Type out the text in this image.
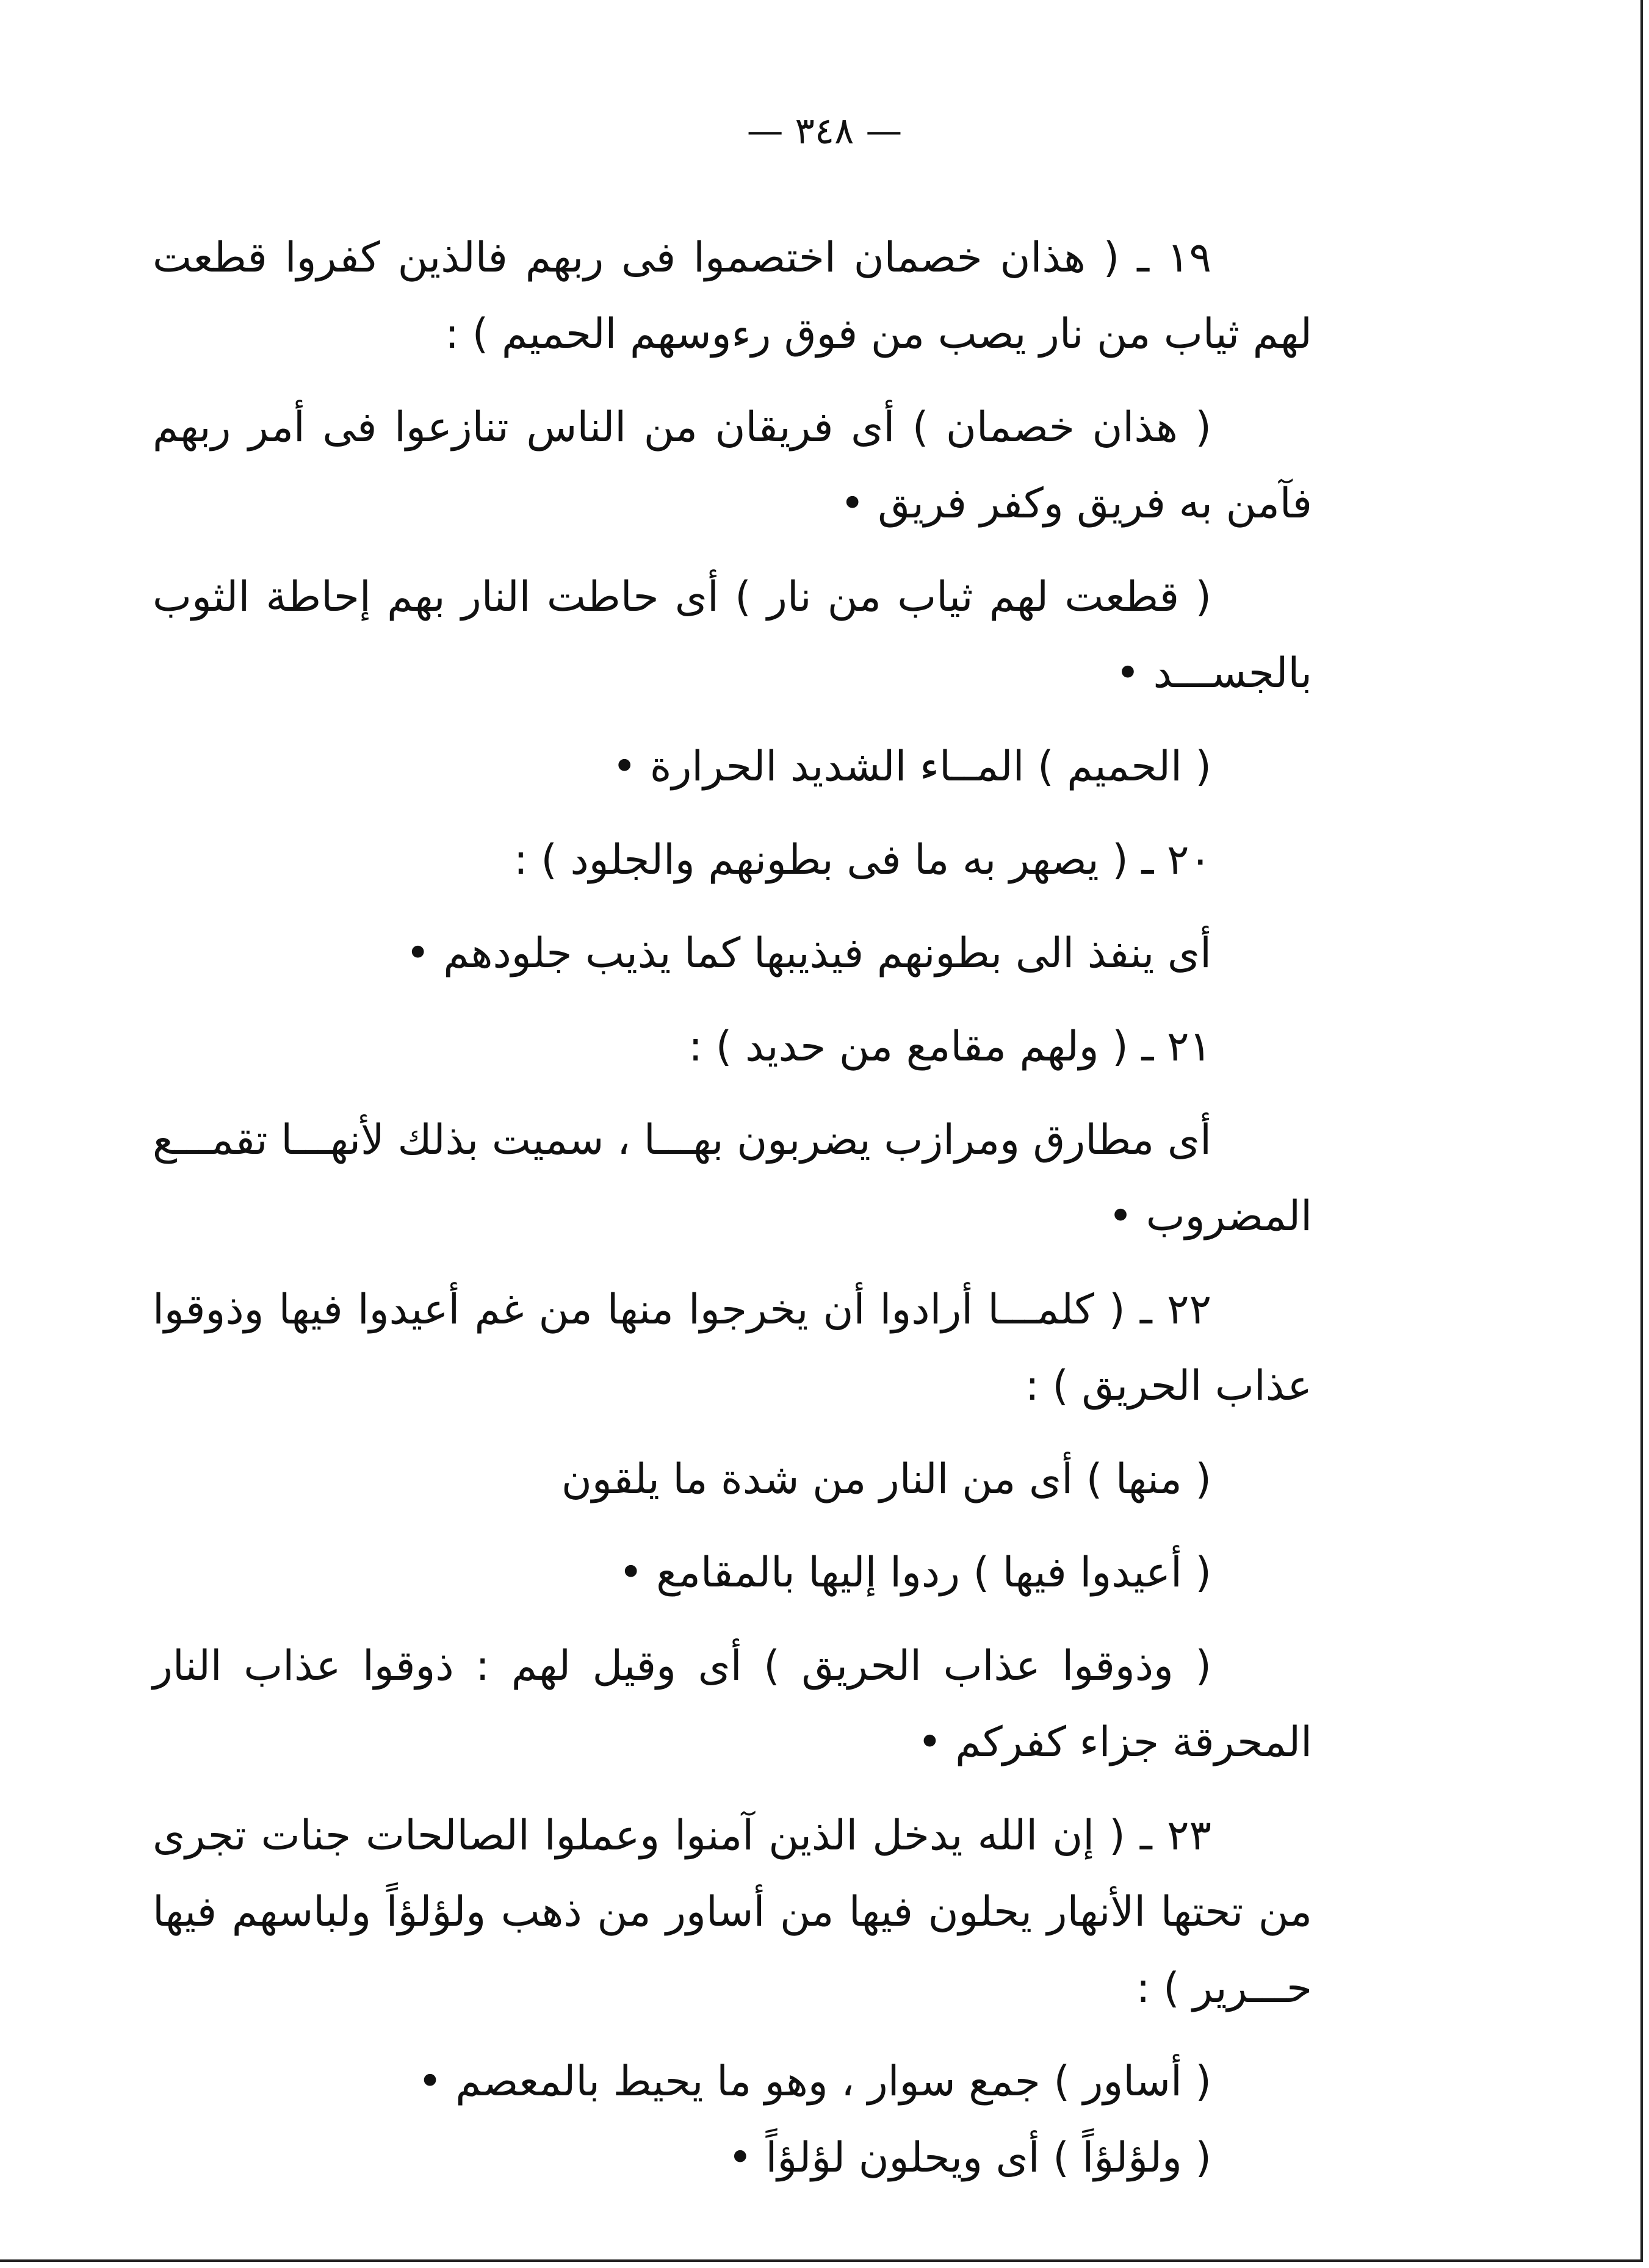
— ٣٤٨ —

١٩ ـ ( هذان خصمان اختصموا فى ربهم فالذين كفروا قطعت لهم ثياب من نار يصب من فوق رءوسهم الحميم ) :

( هذان خصمان ) أى فريقان من الناس تنازعوا فى أمر ربهم فآمن به فريق وكفر فريق •

( قطعت لهم ثياب من نار ) أى حاطت النار بهم إحاطة الثوب بالجســـد •

( الحميم ) المــاء الشديد الحرارة •

٢٠ ـ ( يصهر به ما فى بطونهم والجلود ) :

أى ينفذ الى بطونهم فيذيبها كما يذيب جلودهم •

٢١ ـ ( ولهم مقامع من حديد ) :

أى مطارق ومرازب يضربون بهـــا ، سميت بذلك لأنهـــا تقمـــع المضروب •

٢٢ ـ ( كلمـــا أرادوا أن يخرجوا منها من غم أعيدوا فيها وذوقوا عذاب الحريق ) :

( منها ) أى من النار من شدة ما يلقون

( أعيدوا فيها ) ردوا إليها بالمقامع •

( وذوقوا عذاب الحريق ) أى وقيل لهم : ذوقوا عذاب النار المحرقة جزاء كفركم •

٢٣ ـ ( إن الله يدخل الذين آمنوا وعملوا الصالحات جنات تجرى من تحتها الأنهار يحلون فيها من أساور من ذهب ولؤلؤاً ولباسهم فيها حـــرير ) :

( أساور ) جمع سوار ، وهو ما يحيط بالمعصم •

( ولؤلؤاً ) أى ويحلون لؤلؤاً •
